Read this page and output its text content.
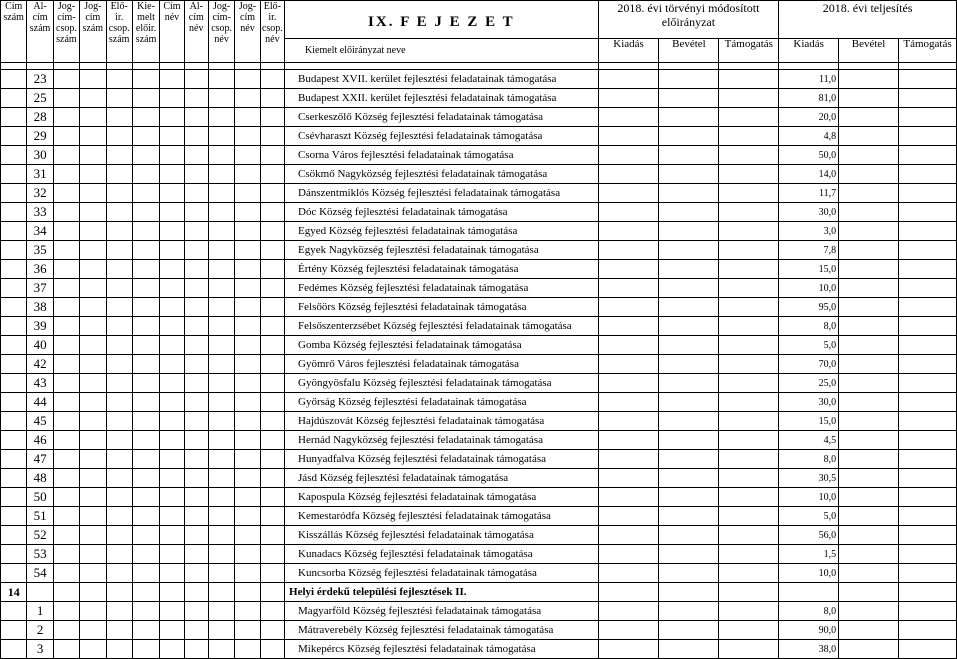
Cím szám	Al- cím szám	Jog- cím- csop. szám	Jog- cím szám	Elő- ir. csop. szám	Kie- melt előir. szám	Cím név	Al- cím név	Jog- cím- csop. név	Jog- cím név	Elő- ir. csop. név	IX. F E J E Z E T	2018. évi törvényi módosított előirányzat			2018. évi teljesítés		
											Kiemelt előirányzat neve	Kiadás	Bevétel	Támogatás	Kiadás	Bevétel	Támogatás

	23										Budapest XVII. kerület fejlesztési feladatainak támogatása				11,0		
	25										Budapest XXII. kerület fejlesztési feladatainak támogatása				81,0		
	28										Cserkeszőlő Község fejlesztési feladatainak támogatása				20,0		
	29										Csévharaszt Község fejlesztési feladatainak támogatása				4,8		
	30										Csorna Város fejlesztési feladatainak támogatása				50,0		
	31										Csökmő Nagyközség fejlesztési feladatainak támogatása				14,0		
	32										Dánszentmiklós Község fejlesztési feladatainak támogatása				11,7		
	33										Dóc Község fejlesztési feladatainak támogatása				30,0		
	34										Egyed Község fejlesztési feladatainak támogatása				3,0		
	35										Egyek Nagyközség fejlesztési feladatainak támogatása				7,8		
	36										Értény Község fejlesztési feladatainak támogatása				15,0		
	37										Fedémes Község fejlesztési feladatainak támogatása				10,0		
	38										Felsőörs Község fejlesztési feladatainak támogatása				95,0		
	39										Felsőszenterzsébet Község fejlesztési feladatainak támogatása				8,0		
	40										Gomba Község fejlesztési feladatainak támogatása				5,0		
	42										Gyömrő Város fejlesztési feladatainak támogatása				70,0		
	43										Gyöngyösfalu Község fejlesztési feladatainak támogatása				25,0		
	44										Győrság Község fejlesztési feladatainak támogatása				30,0		
	45										Hajdúszovát Község fejlesztési feladatainak támogatása				15,0		
	46										Hernád Nagyközség fejlesztési feladatainak támogatása				4,5		
	47										Hunyadfalva Község fejlesztési feladatainak támogatása				8,0		
	48										Jásd Község fejlesztési feladatainak támogatása				30,5		
	50										Kapospula Község fejlesztési feladatainak támogatása				10,0		
	51										Kemestaródfa Község fejlesztési feladatainak támogatása				5,0		
	52										Kisszállás Község fejlesztési feladatainak támogatása				56,0		
	53										Kunadacs Község fejlesztési feladatainak támogatása				1,5		
	54										Kuncsorba Község fejlesztési feladatainak támogatása				10,0		
14											Helyi érdekű települési fejlesztések II.						
	1										Magyarföld Község fejlesztési feladatainak támogatása				8,0		
	2										Mátraverebély Község fejlesztési feladatainak támogatása				90,0		
	3										Mikepércs Község fejlesztési feladatainak támogatása				38,0		
